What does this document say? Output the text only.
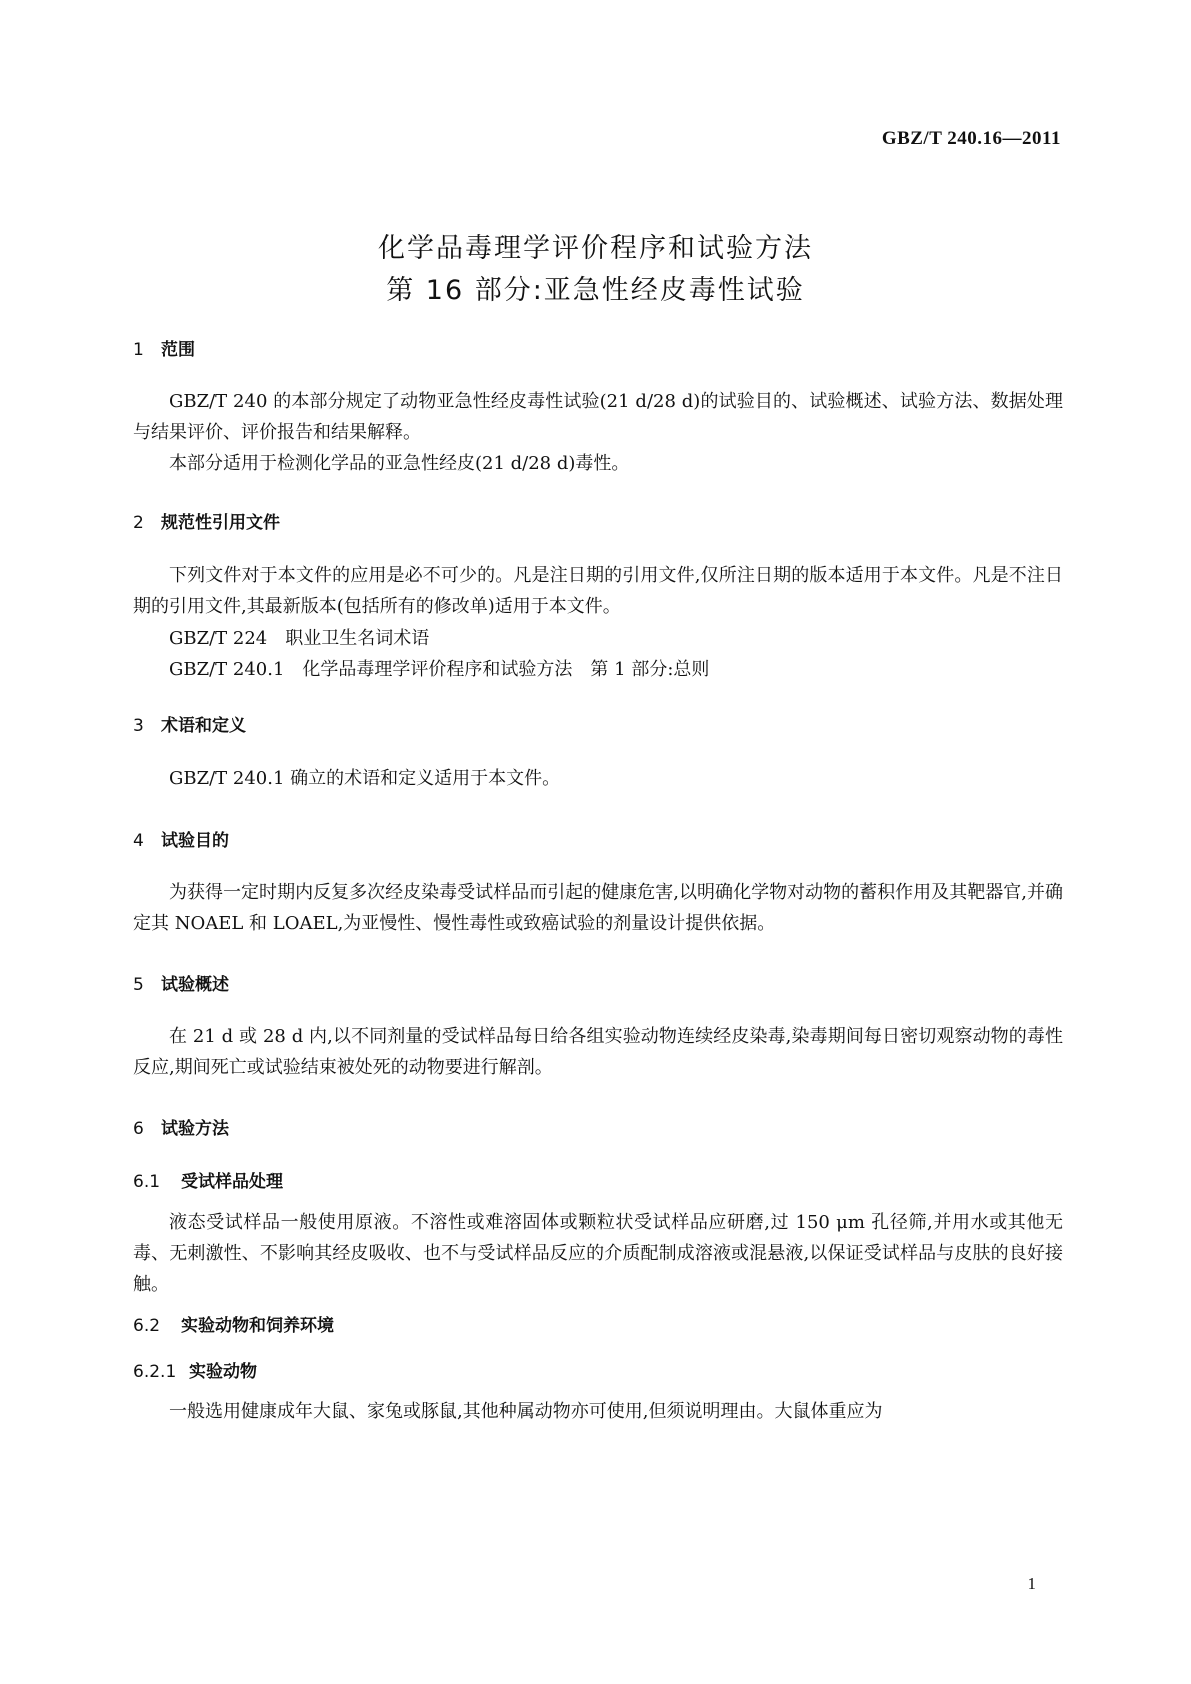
GBZ/T 240.16—2011
化学品毒理学评价程序和试验方法
第 16 部分:亚急性经皮毒性试验
1 范围
GBZ/T 240 的本部分规定了动物亚急性经皮毒性试验(21 d/28 d)的试验目的、试验概述、试验方法、数据处理与结果评价、评价报告和结果解释。
本部分适用于检测化学品的亚急性经皮(21 d/28 d)毒性。
2 规范性引用文件
下列文件对于本文件的应用是必不可少的。凡是注日期的引用文件,仅所注日期的版本适用于本文件。凡是不注日期的引用文件,其最新版本(包括所有的修改单)适用于本文件。
GBZ/T 224　职业卫生名词术语
GBZ/T 240.1　化学品毒理学评价程序和试验方法　第 1 部分:总则
3 术语和定义
GBZ/T 240.1 确立的术语和定义适用于本文件。
4 试验目的
为获得一定时期内反复多次经皮染毒受试样品而引起的健康危害,以明确化学物对动物的蓄积作用及其靶器官,并确定其 NOAEL 和 LOAEL,为亚慢性、慢性毒性或致癌试验的剂量设计提供依据。
5 试验概述
在 21 d 或 28 d 内,以不同剂量的受试样品每日给各组实验动物连续经皮染毒,染毒期间每日密切观察动物的毒性反应,期间死亡或试验结束被处死的动物要进行解剖。
6 试验方法
6.1 受试样品处理
液态受试样品一般使用原液。不溶性或难溶固体或颗粒状受试样品应研磨,过 150 μm 孔径筛,并用水或其他无毒、无刺激性、不影响其经皮吸收、也不与受试样品反应的介质配制成溶液或混悬液,以保证受试样品与皮肤的良好接触。
6.2 实验动物和饲养环境
6.2.1 实验动物
一般选用健康成年大鼠、家兔或豚鼠,其他种属动物亦可使用,但须说明理由。大鼠体重应为
1
